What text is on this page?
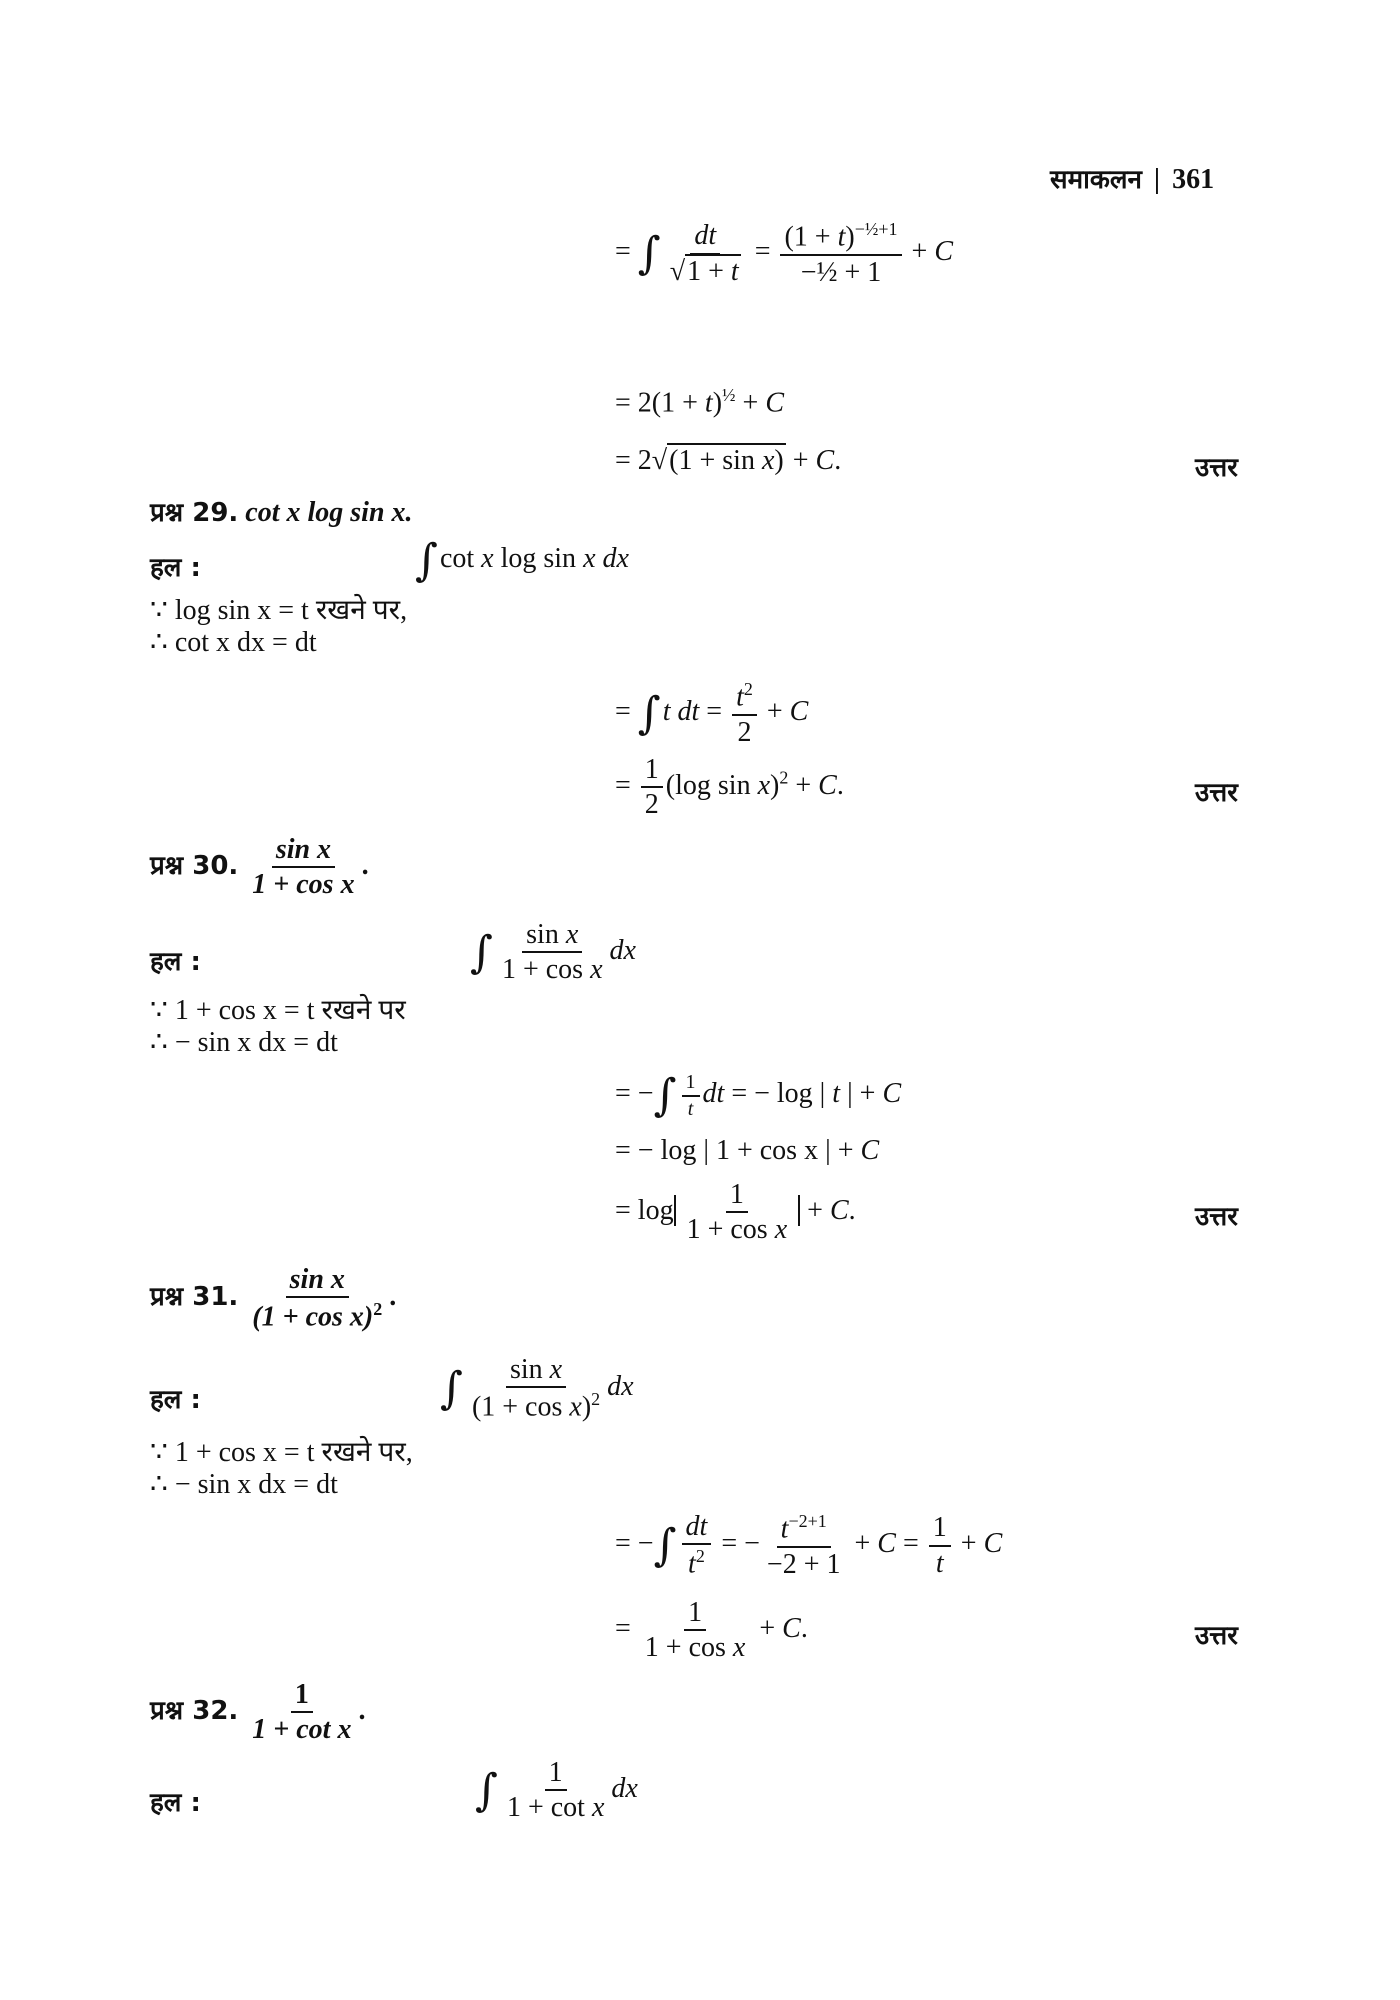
समाकलन | 361
= ∫ $\frac{dt}{√1 + t} = \frac{(1 + t)^{-\frac{1}{2}+1}}{\text{−½ + 1}} + C$
= $2(1 + t)^{\frac{1}{2}} + C$
= 2√(1 + sin x) + C.	उत्तर
प्रश्न 29. cot x log sin x.
हल :	∫cot x log sin x dx
∵ log sin x = t रखने पर,
∴ cot x dx = dt
= ∫t dt = $\frac{t^2}{2} + C$
= $\frac{1}{2} (\log$ sin x)$^2$ + C.	उत्तर
प्रश्न 30. $\frac{\text{sin x}}{\text{1 + cos x}}$ .
हल :	∫ $\frac{\text{sin x}}{\text{1 + cos x}}$ dx
∵ 1 + cos x = t रखने पर
∴ − sin x dx = dt
= −∫ $\frac{1}{t}$ dt = − log | t | + C
= − log | 1 + cos x | + C
= $\log \frac{1}{\text{1 + cos x}} + C$.	उत्तर
प्रश्न 31. $\frac{\text{sin x}}{(1 + \cos x)^2}$ .
हल :	∫ $\frac{\text{sin x}}{(1 + \cos x)^2}$ dx
∵ 1 + cos x = t रखने पर,
∴ − sin x dx = dt
= −∫ $\frac{dt}{t^2}$ = − $\frac{t^{-2+1}}{-2 + 1} + C = \frac{1}{t} + C$
= $\frac{1}{\text{1 + cos x}} + C$.	उत्तर
प्रश्न 32. $\frac{1}{\text{1 + cot x}}$ .
हल :	∫ $\frac{1}{\text{1 + cot x}}$ dx
